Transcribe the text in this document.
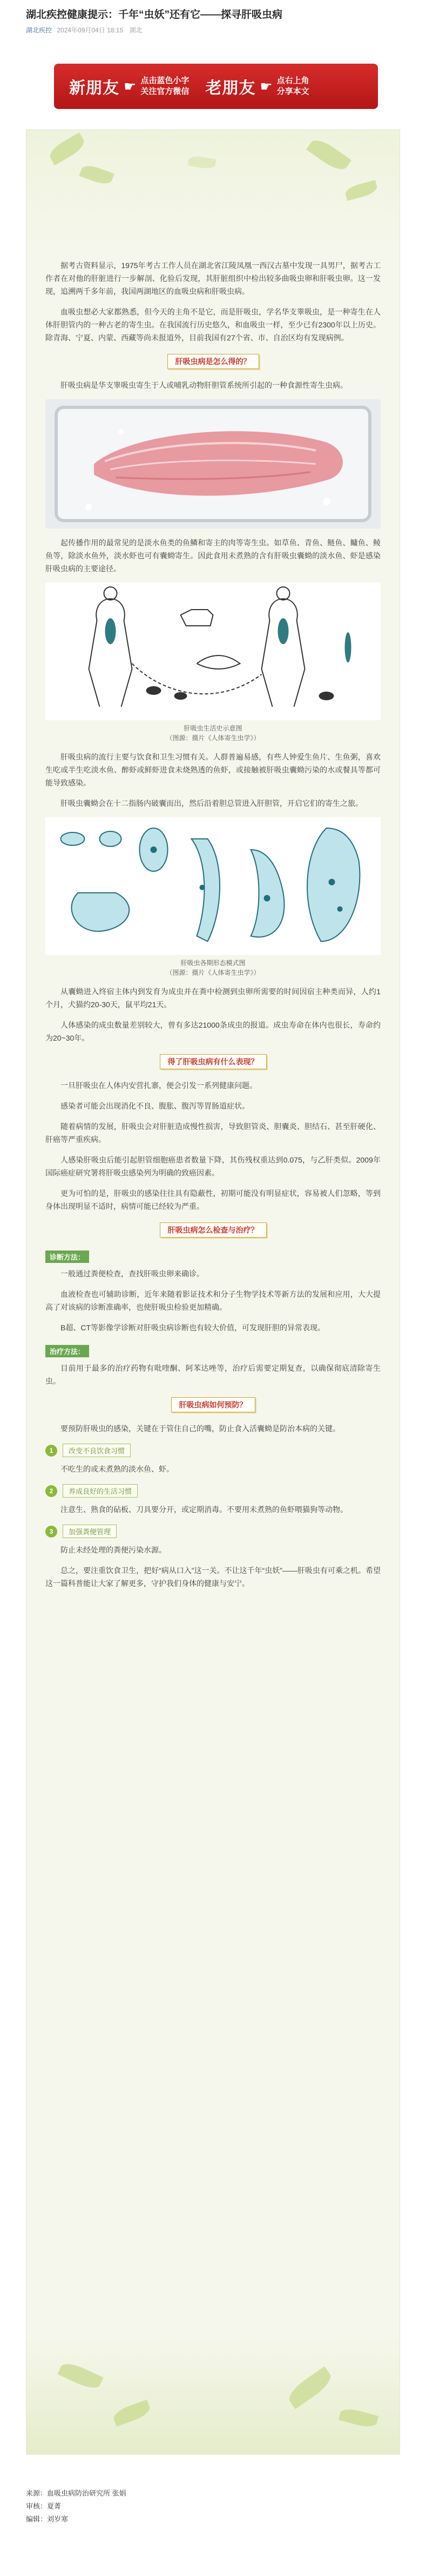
湖北疾控健康提示：千年“虫妖”还有它——探寻肝吸虫病
湖北疾控 2024年09月04日 18:15 湖北
新朋友 ☛ 点击蓝色小字
关注官方微信 老朋友 ☛ 点右上角
分享本文

据考古资料显示，1975年考古工作人员在湖北省江陵凤凰一西汉古墓中发现一具男尸，据考古工作者在对他的肝脏进行一步解剖、化验后发现，其肝脏组织中检出较多曲吸虫卵和肝吸虫卵。这一发现，追溯两千多年前，我国两湖地区的血吸虫病和肝吸虫病。

血吸虫想必大家都熟悉，但今天的主角不是它，而是肝吸虫，学名华支睾吸虫，是一种寄生在人体肝胆管内的一种古老的寄生虫。在我国流行历史悠久，和血吸虫一样，至少已有2300年以上历史。除青海、宁夏、内蒙、西藏等尚未报道外，目前我国有27个省、市、自治区均有发现病例。

肝吸虫病是怎么得的？

肝吸虫病是华支睾吸虫寄生于人或哺乳动物肝胆管系统所引起的一种食源性寄生虫病。

起传播作用的最常见的是淡水鱼类的鱼鳞和寄主的肉等寄生虫。如草鱼、青鱼、鲢鱼、鳙鱼、鲮鱼等，除淡水鱼外，淡水虾也可有囊蚴寄生。因此食用未煮熟的含有肝吸虫囊蚴的淡水鱼、虾是感染肝吸虫病的主要途径。

肝吸虫生活史示意图
（图源：摄片《人体寄生虫学》）

肝吸虫病的流行主要与饮食和卫生习惯有关。人群普遍易感，有些人钟爱生鱼片、生鱼粥，喜欢生吃或半生吃淡水鱼、醉虾或鲜虾进食未烧熟透的鱼虾，或接触被肝吸虫囊蚴污染的水或餐具等都可能导致感染。

肝吸虫囊蚴会在十二指肠内破囊而出，然后沿着胆总管进入肝胆管，开启它们的寄生之旅。

肝吸虫各期形态模式图
（图源：摄片《人体寄生虫学》）

从囊蚴进入终宿主体内到发育为成虫并在粪中检测到虫卵所需要的时间因宿主种类而异，人约1个月，犬猫约20-30天，鼠平均21天。

人体感染的成虫数量差别较大，曾有多达21000条成虫的报道。成虫寿命在体内也很长，寿命约为20~30年。

得了肝吸虫病有什么表现？

一旦肝吸虫在人体内安营扎寨，便会引发一系列健康问题。

感染者可能会出现消化不良、腹胀、腹泻等胃肠道症状。

随着病情的发展，肝吸虫会对肝脏造成慢性损害，导致胆管炎、胆囊炎、胆结石、甚至肝硬化、肝癌等严重疾病。

人感染肝吸虫后能引起胆管细胞癌患者数量下降，其伤残权重达到0.075，与乙肝类似。2009年国际癌症研究署将肝吸虫感染列为明确的致癌因素。

更为可怕的是，肝吸虫的感染往往具有隐蔽性，初期可能没有明显症状，容易被人们忽略，等到身体出现明显不适时，病情可能已经较为严重。

肝吸虫病怎么检查与治疗？
诊断方法：

一般通过粪便检查，查找肝吸虫卵来确诊。

血液检查也可辅助诊断，近年来随着影证技术和分子生物学技术等新方法的发展和应用，大大提高了对该病的诊断准确率，也使肝吸虫检验更加精确。

B超、CT等影像学诊断对肝吸虫病诊断也有较大价值，可发现肝胆的异常表现。

治疗方法：

目前用于最多的治疗药物有吡喹酮、阿苯达唑等，治疗后需要定期复查，以确保彻底清除寄生虫。

肝吸虫病如何预防？

要预防肝吸虫的感染，关键在于管住自己的嘴，防止食入活囊蚴是防治本病的关键。

1	改变不良饮食习惯

不吃生的或未煮熟的淡水鱼、虾。

2	养成良好的生活习惯

注意生、熟食的砧板、刀具要分开，或定期消毒。不要用未煮熟的鱼虾喂猫狗等动物。

3	加强粪便管理

防止未经处理的粪便污染水源。

总之，要注重饮食卫生，把好“病从口入”这一关。不让这千年“虫妖”——肝吸虫有可乘之机。希望这一篇科普能让大家了解更多，守护我们身体的健康与安宁。

来源：血吸虫病防治研究所 张娟
审核：夏菁
编辑：刘岁寒
